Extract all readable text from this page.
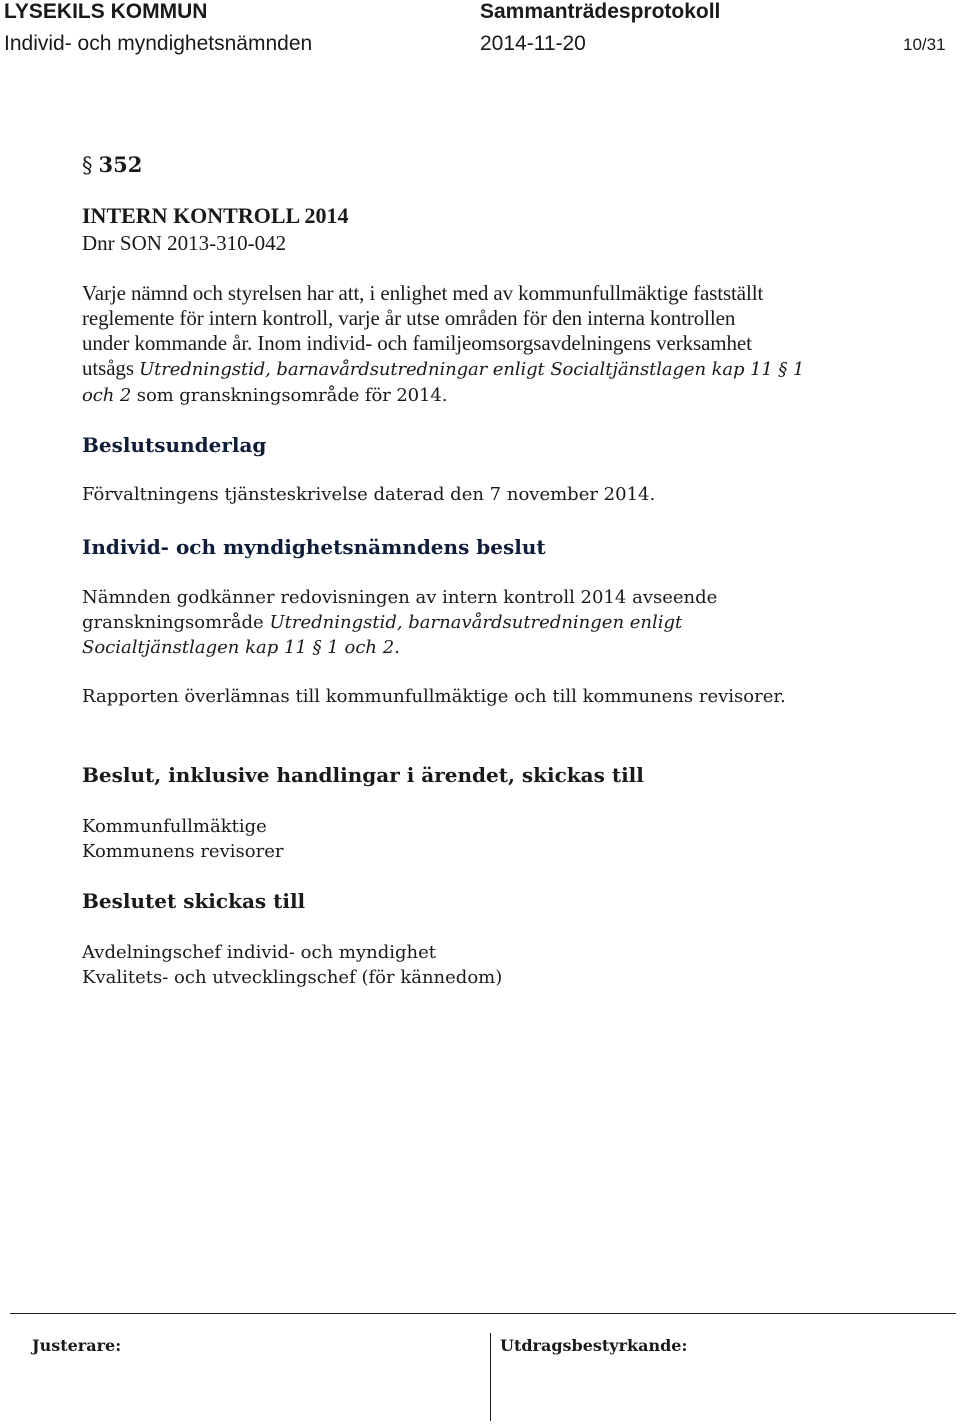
LYSEKILS KOMMUN	Sammanträdesprotokoll
Individ- och myndighetsnämnden	2014-11-20	10/31
§ 352
INTERN KONTROLL 2014
Dnr SON 2013-310-042
Varje nämnd och styrelsen har att, i enlighet med av kommunfullmäktige fastställt
reglemente för intern kontroll, varje år utse områden för den interna kontrollen
under kommande år. Inom individ- och familjeomsorgsavdelningens verksamhet
utsågs Utredningstid, barnavårdsutredningar enligt Socialtjänstlagen kap 11 § 1
och 2 som granskningsområde för 2014.
Beslutsunderlag
Förvaltningens tjänsteskrivelse daterad den 7 november 2014.
Individ- och myndighetsnämndens beslut
Nämnden godkänner redovisningen av intern kontroll 2014 avseende
granskningsområde Utredningstid, barnavårdsutredningen enligt
Socialtjänstlagen kap 11 § 1 och 2.
Rapporten överlämnas till kommunfullmäktige och till kommunens revisorer.
Beslut, inklusive handlingar i ärendet, skickas till
Kommunfullmäktige
Kommunens revisorer
Beslutet skickas till
Avdelningschef individ- och myndighet
Kvalitets- och utvecklingschef (för kännedom)
Justerare:	Utdragsbestyrkande:
